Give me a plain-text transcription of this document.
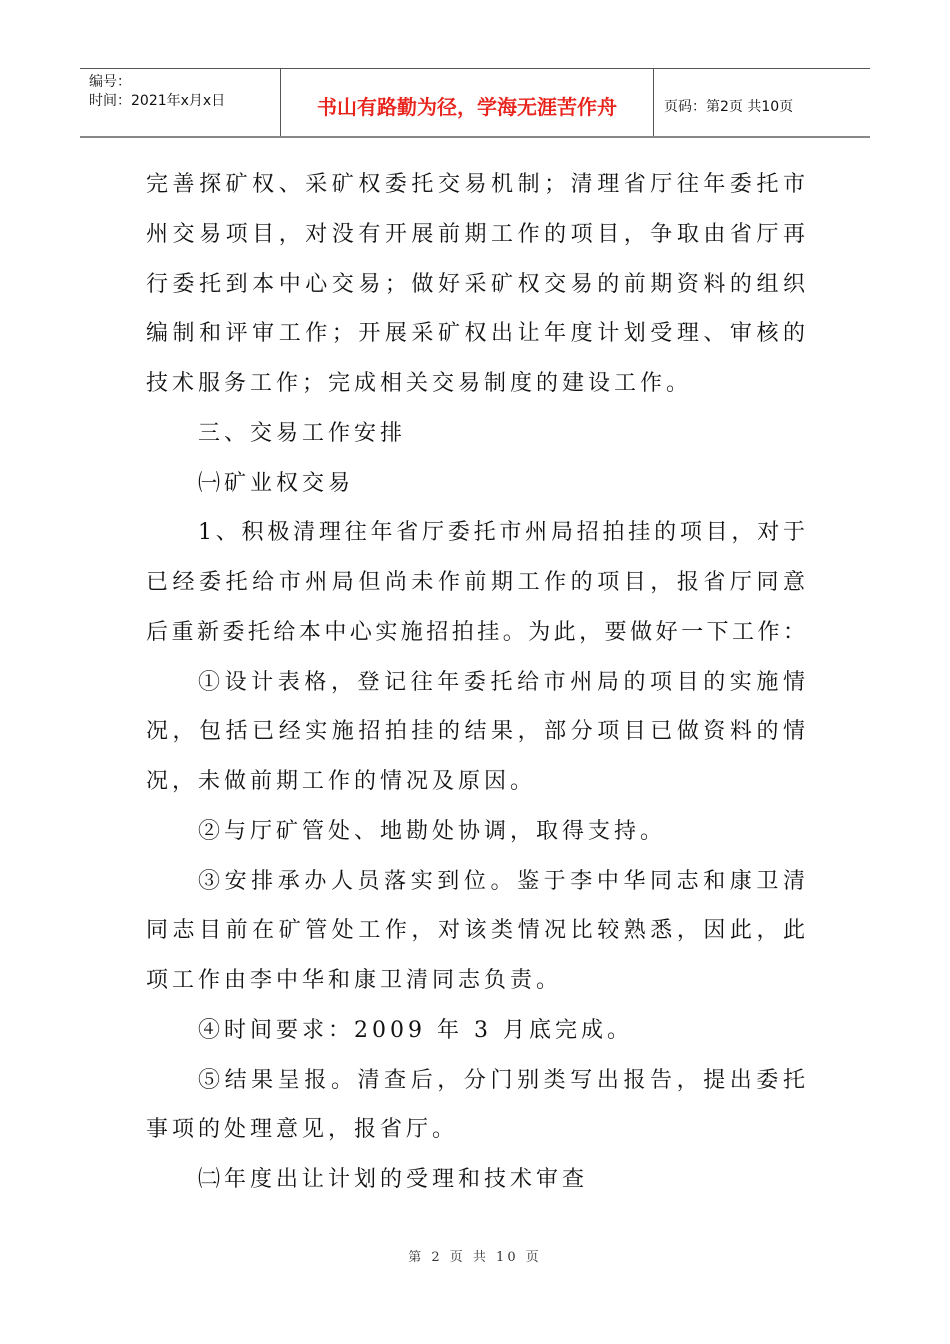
编号：
时间：2021年x月x日	书山有路勤为径，学海无涯苦作舟	页码：第2页 共10页
完善探矿权、采矿权委托交易机制；清理省厅往年委托市
州交易项目，对没有开展前期工作的项目，争取由省厅再
行委托到本中心交易；做好采矿权交易的前期资料的组织
编制和评审工作；开展采矿权出让年度计划受理、审核的
技术服务工作；完成相关交易制度的建设工作。
三、交易工作安排
㈠矿业权交易
1、积极清理往年省厅委托市州局招拍挂的项目，对于
已经委托给市州局但尚未作前期工作的项目，报省厅同意
后重新委托给本中心实施招拍挂。为此，要做好一下工作：
①设计表格，登记往年委托给市州局的项目的实施情
况，包括已经实施招拍挂的结果，部分项目已做资料的情
况，未做前期工作的情况及原因。
②与厅矿管处、地勘处协调，取得支持。
③安排承办人员落实到位。鉴于李中华同志和康卫清
同志目前在矿管处工作，对该类情况比较熟悉，因此，此
项工作由李中华和康卫清同志负责。
④时间要求：2009 年 3 月底完成。
⑤结果呈报。清查后，分门别类写出报告，提出委托
事项的处理意见，报省厅。
㈡年度出让计划的受理和技术审查
第 2 页 共 10 页
